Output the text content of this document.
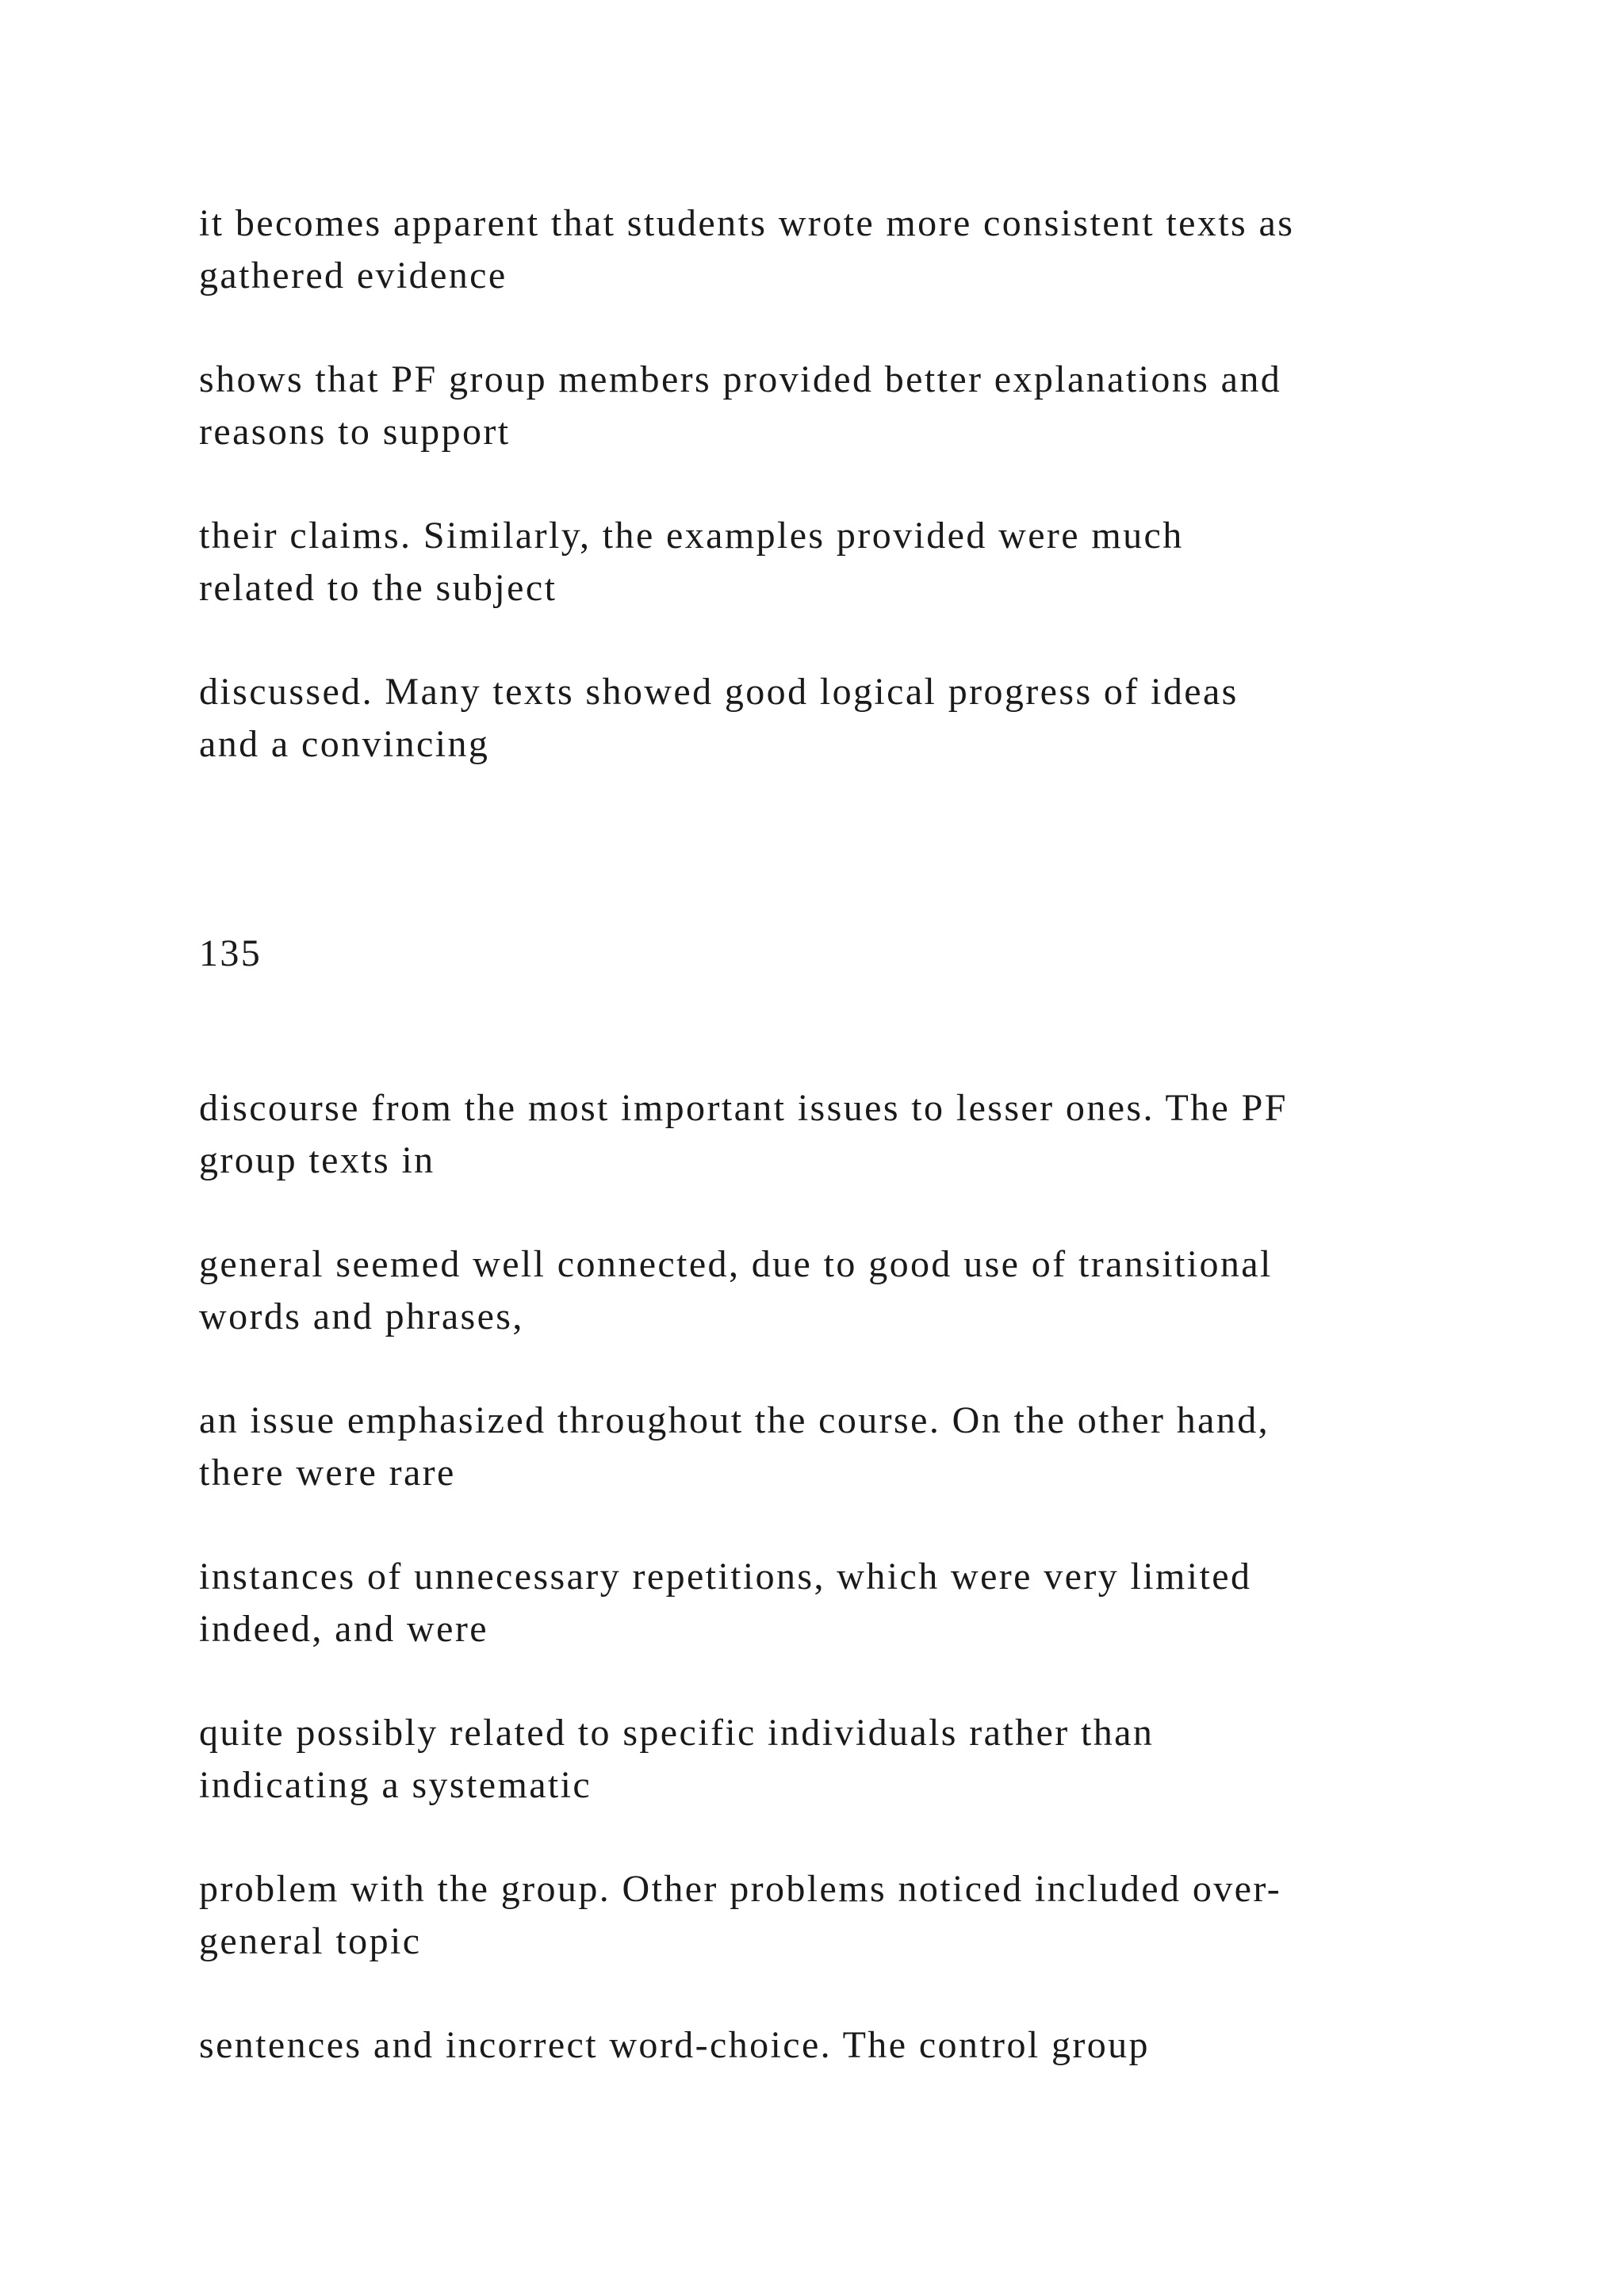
it becomes apparent that students wrote more consistent texts as
gathered evidence

shows that PF group members provided better explanations and
reasons to support

their claims. Similarly, the examples provided were much
related to the subject

discussed. Many texts showed good logical progress of ideas
and a convincing

135

discourse from the most important issues to lesser ones. The PF
group texts in

general seemed well connected, due to good use of transitional
words and phrases,

an issue emphasized throughout the course. On the other hand,
there were rare

instances of unnecessary repetitions, which were very limited
indeed, and were

quite possibly related to specific individuals rather than
indicating a systematic

problem with the group. Other problems noticed included over-
general topic

sentences and incorrect word-choice. The control group
